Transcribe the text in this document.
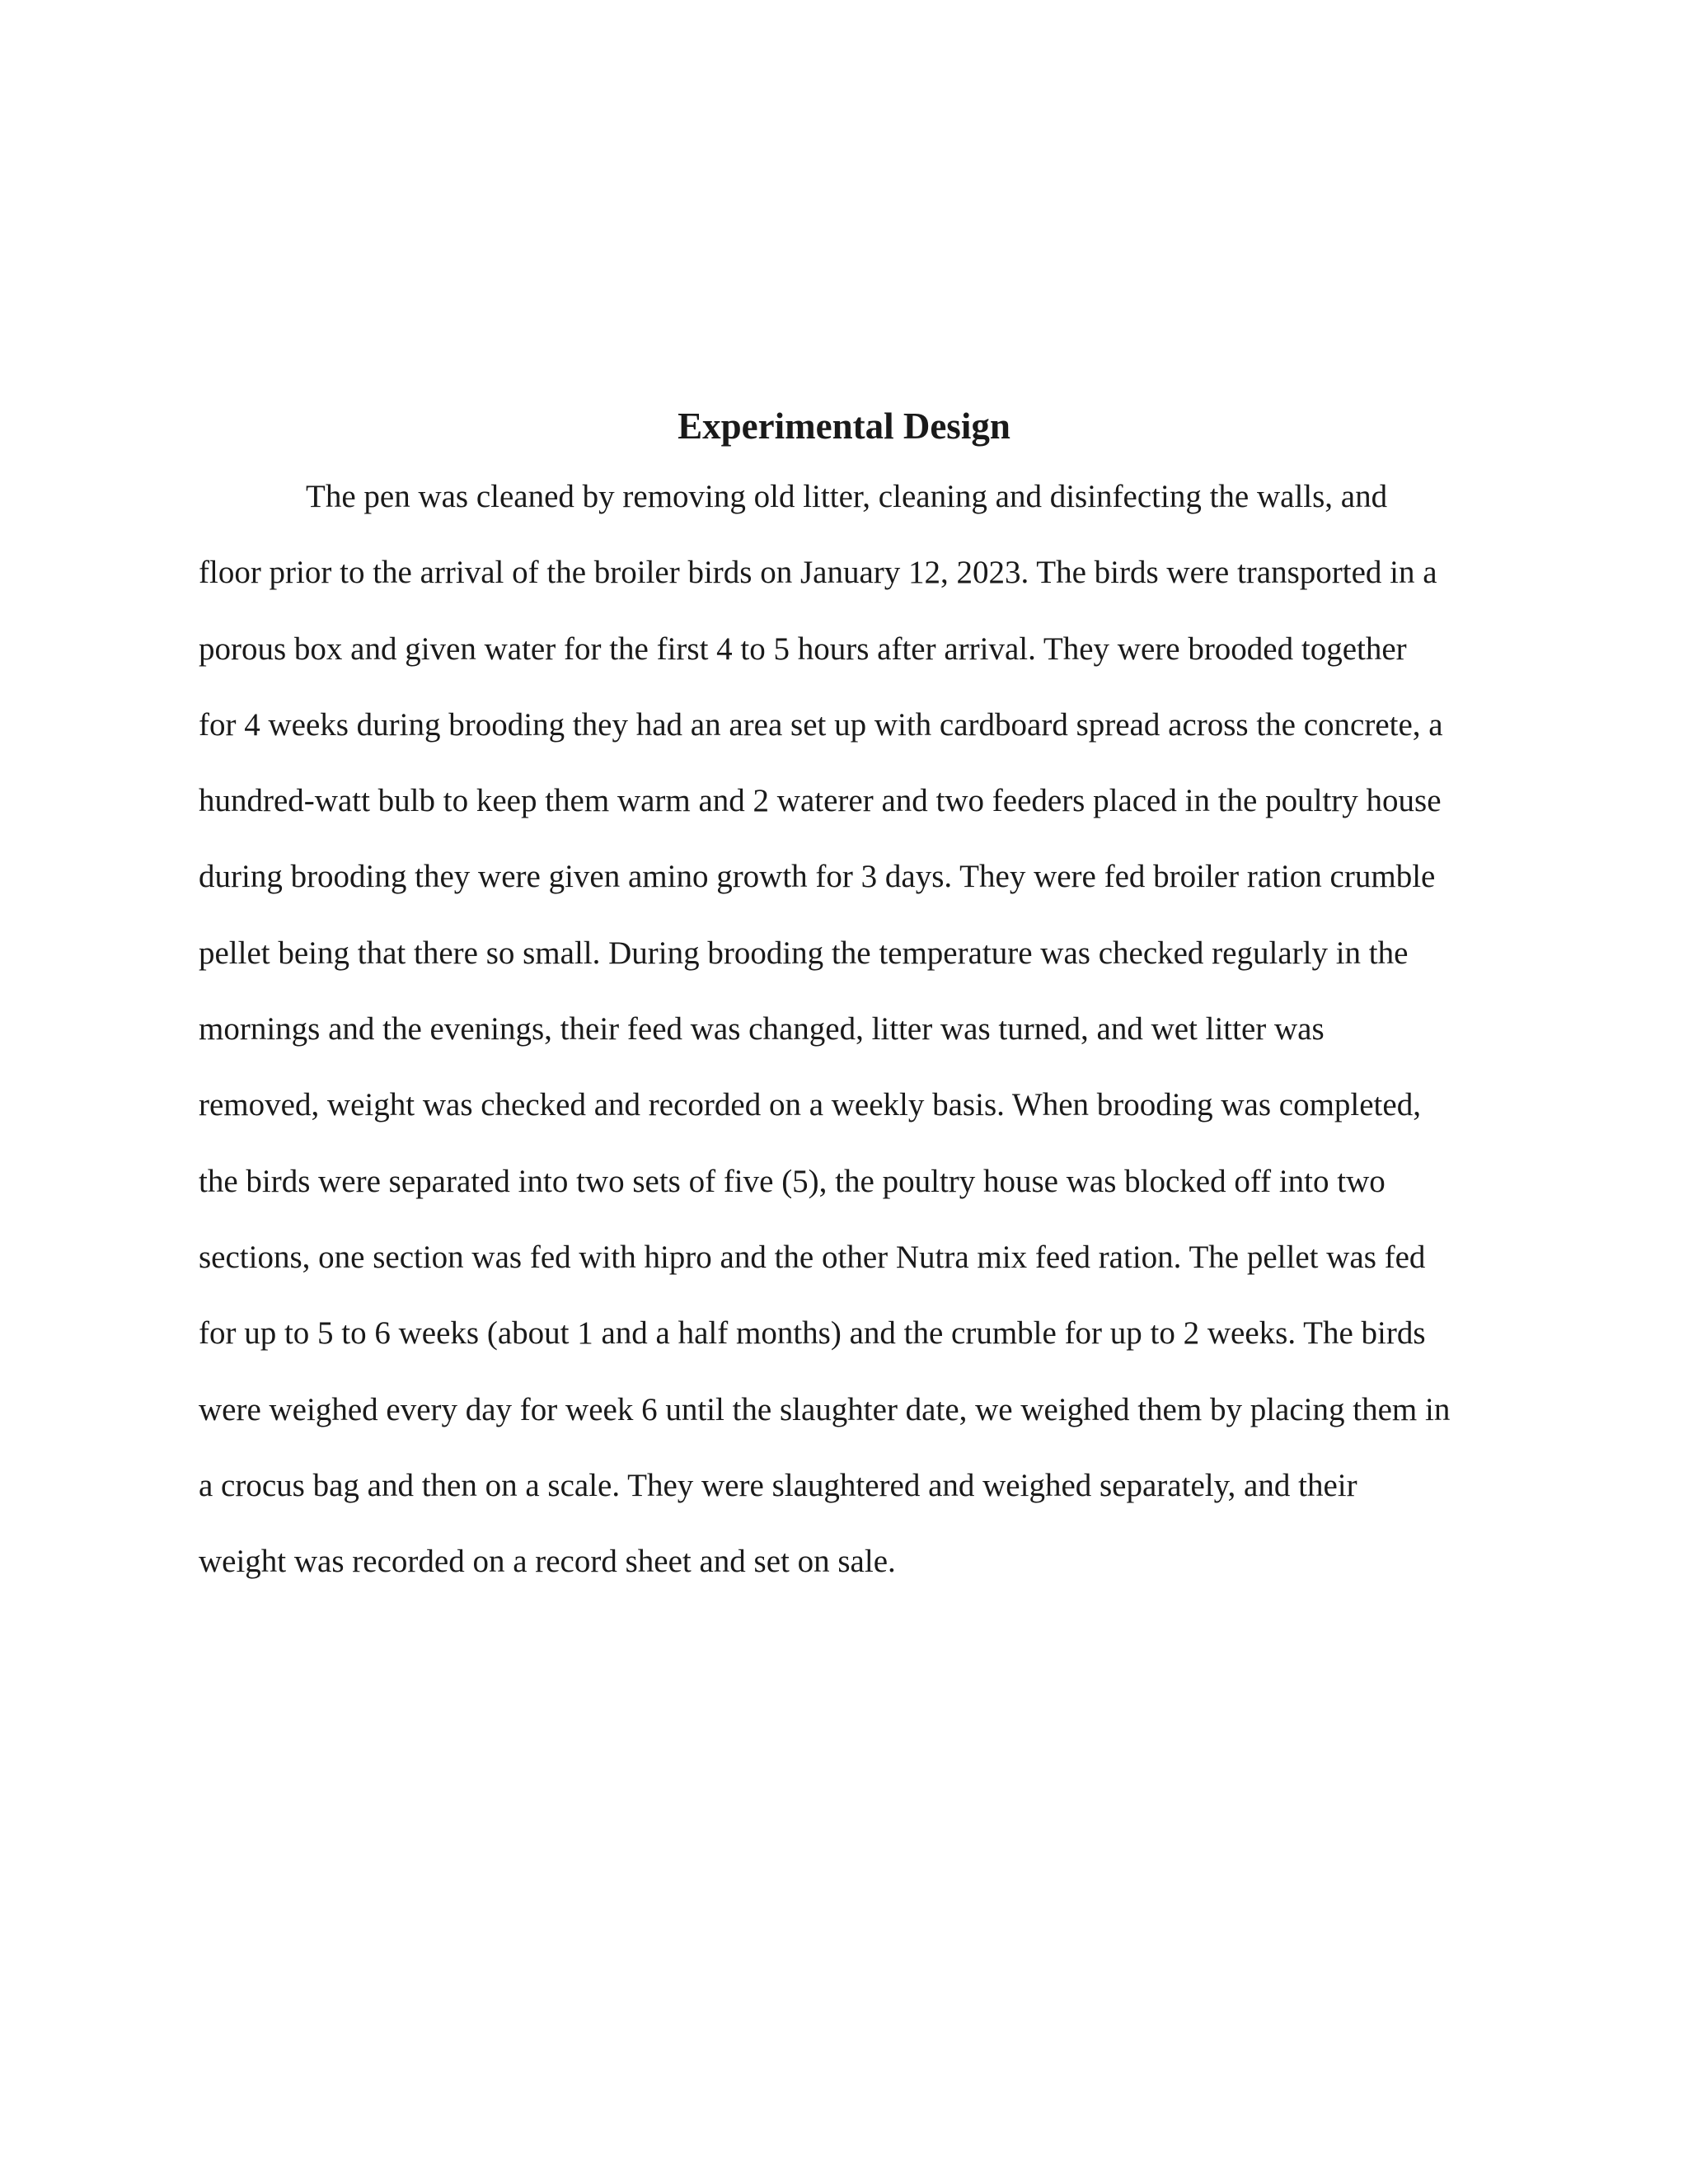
Experimental Design
The pen was cleaned by removing old litter, cleaning and disinfecting the walls, and
floor prior to the arrival of the broiler birds on January 12, 2023. The birds were transported in a
porous box and given water for the first 4 to 5 hours after arrival. They were brooded together
for 4 weeks during brooding they had an area set up with cardboard spread across the concrete, a
hundred-watt bulb to keep them warm and 2 waterer and two feeders placed in the poultry house
during brooding they were given amino growth for 3 days. They were fed broiler ration crumble
pellet being that there so small. During brooding the temperature was checked regularly in the
mornings and the evenings, their feed was changed, litter was turned, and wet litter was
removed, weight was checked and recorded on a weekly basis. When brooding was completed,
the birds were separated into two sets of five (5), the poultry house was blocked off into two
sections, one section was fed with hipro and the other Nutra mix feed ration. The pellet was fed
for up to 5 to 6 weeks (about 1 and a half months) and the crumble for up to 2 weeks. The birds
were weighed every day for week 6 until the slaughter date, we weighed them by placing them in
a crocus bag and then on a scale. They were slaughtered and weighed separately, and their
weight was recorded on a record sheet and set on sale.
